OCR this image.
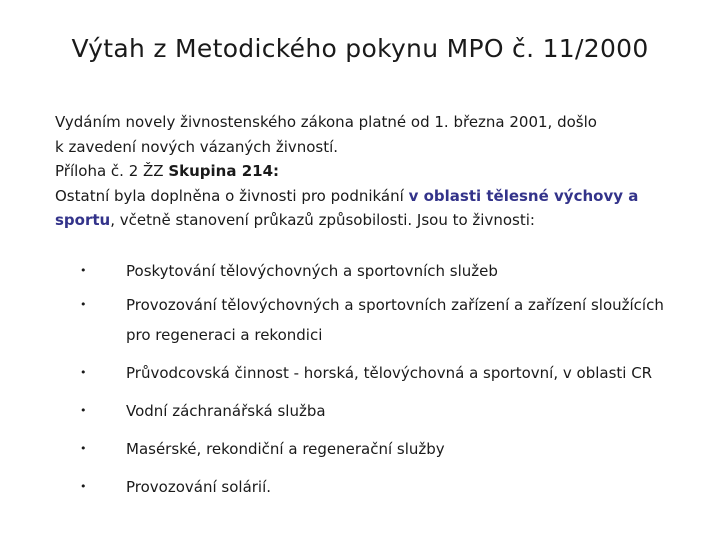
Výtah z Metodického pokynu MPO č. 11/2000
Vydáním novely živnostenského zákona platné od 1. března 2001, došlo
k zavedení nových vázaných živností.
Příloha č. 2 ŽZ Skupina 214:
Ostatní byla doplněna o živnosti pro podnikání v oblasti tělesné výchovy a
sportu, včetně stanovení průkazů způsobilosti. Jsou to živnosti:
•	Poskytování tělovýchovných a sportovních služeb
•	Provozování tělovýchovných a sportovních zařízení a zařízení sloužících
pro regeneraci a rekondici
•	Průvodcovská činnost - horská, tělovýchovná a sportovní, v oblasti CR
•	Vodní záchranářská služba
•	Masérské, rekondiční a regenerační služby
•	Provozování solárií.
